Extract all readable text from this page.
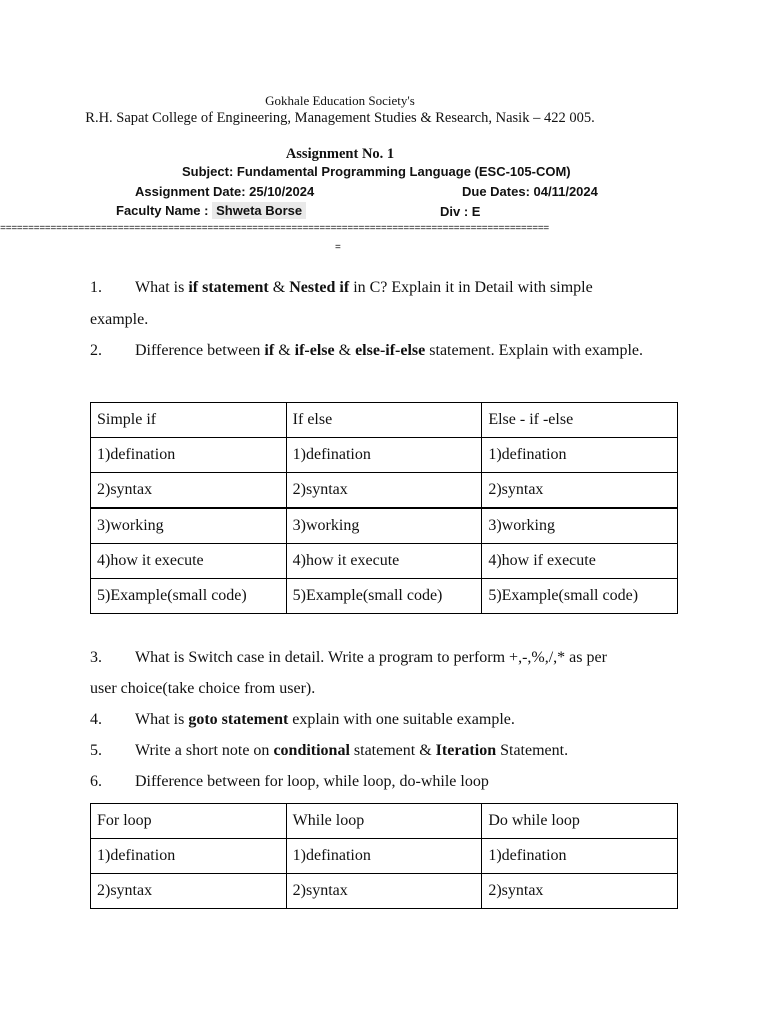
Gokhale Education Society's
R.H. Sapat College of Engineering, Management Studies & Research, Nasik – 422 005.
Assignment No. 1
Subject: Fundamental Programming Language (ESC-105-COM)
Assignment Date: 25/10/2024	Due Dates: 04/11/2024
Faculty Name : Shweta Borse	Div : E
==================================================================================================
=
1. What is if statement & Nested if in C? Explain it in Detail with simple
example.
2. Difference between if & if-else & else-if-else statement. Explain with example.
Simple if	If else	Else - if -else
1)defination	1)defination	1)defination
2)syntax	2)syntax	2)syntax
3)working	3)working	3)working
4)how it execute	4)how it execute	4)how if execute
5)Example(small code)	5)Example(small code)	5)Example(small code)
3. What is Switch case in detail. Write a program to perform +,-,%,/,* as per
user choice(take choice from user).
4. What is goto statement explain with one suitable example.
5. Write a short note on conditional statement & Iteration Statement.
6. Difference between for loop, while loop, do-while loop
For loop	While loop	Do while loop
1)defination	1)defination	1)defination
2)syntax	2)syntax	2)syntax
